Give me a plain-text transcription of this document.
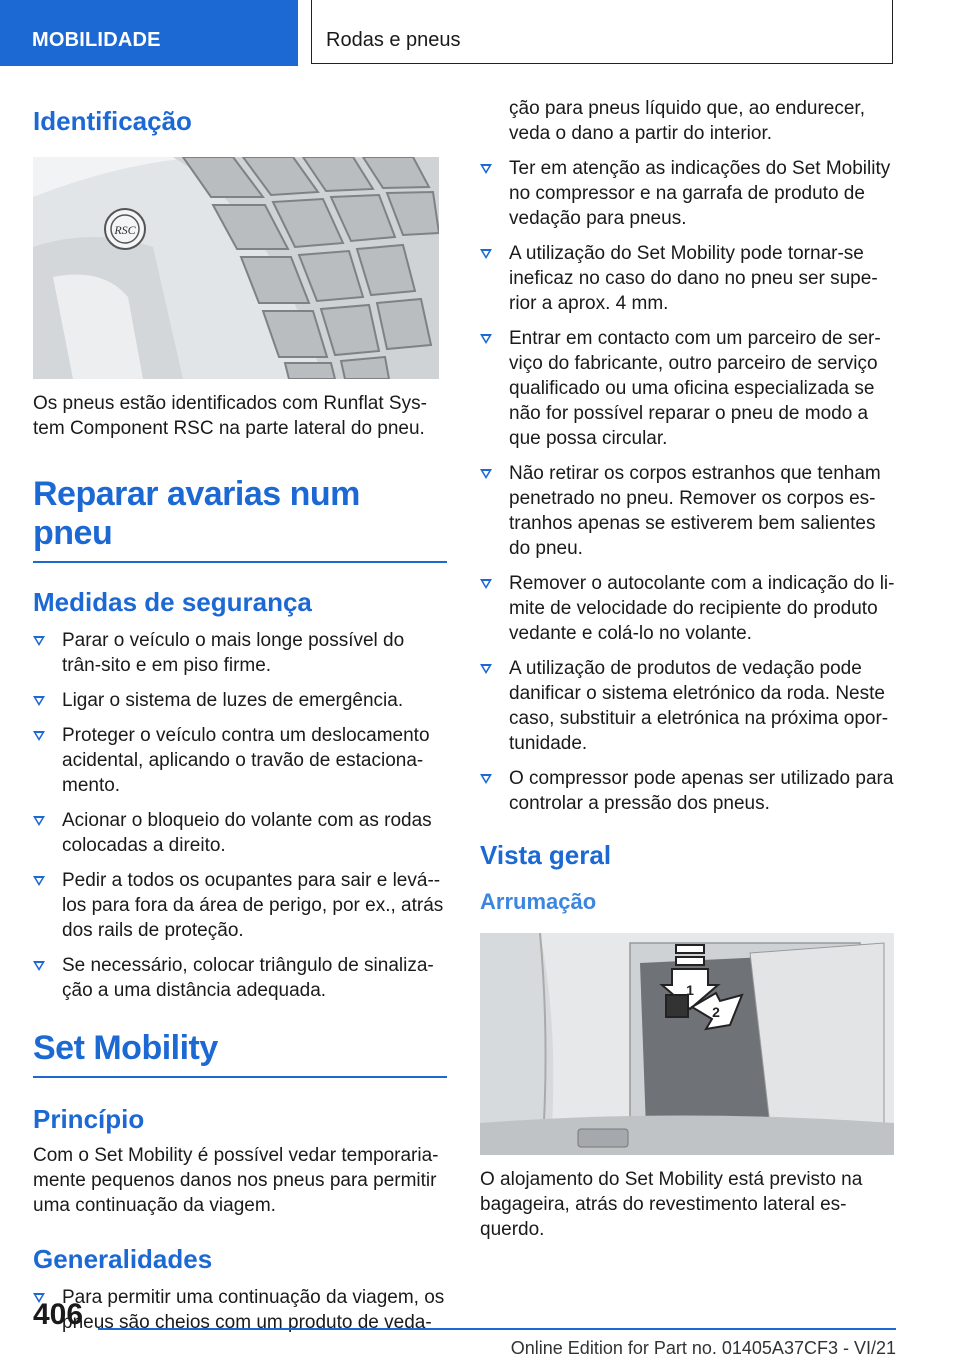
MOBILIDADE	Rodas e pneus
Identificação
RSC

Os pneus estão identificados com Runflat Sys-tem Component RSC na parte lateral do pneu.

Reparar avarias num pneu
Medidas de segurança
Parar o veículo o mais longe possível do trân-sito e em piso firme.
Ligar o sistema de luzes de emergência.
Proteger o veículo contra um deslocamento acidental, aplicando o travão de estaciona-mento.
Acionar o bloqueio do volante com as rodas colocadas a direito.
Pedir a todos os ocupantes para sair e levá--los para fora da área de perigo, por ex., atrás dos rails de proteção.
Se necessário, colocar triângulo de sinaliza-ção a uma distância adequada.
Set Mobility
Princípio

Com o Set Mobility é possível vedar temporaria-mente pequenos danos nos pneus para permitir uma continuação da viagem.

Generalidades
Para permitir uma continuação da viagem, os pneus são cheios com um produto de veda-
ção para pneus líquido que, ao endurecer, veda o dano a partir do interior.
Ter em atenção as indicações do Set Mobility no compressor e na garrafa de produto de vedação para pneus.
A utilização do Set Mobility pode tornar-se ineficaz no caso do dano no pneu ser supe-rior a aprox. 4 mm.
Entrar em contacto com um parceiro de ser-viço do fabricante, outro parceiro de serviço qualificado ou uma oficina especializada se não for possível reparar o pneu de modo a que possa circular.
Não retirar os corpos estranhos que tenham penetrado no pneu. Remover os corpos es-tranhos apenas se estiverem bem salientes do pneu.
Remover o autocolante com a indicação do li-mite de velocidade do recipiente do produto vedante e colá-lo no volante.
A utilização de produtos de vedação pode danificar o sistema eletrónico da roda. Neste caso, substituir a eletrónica na próxima opor-tunidade.
O compressor pode apenas ser utilizado para controlar a pressão dos pneus.
Vista geral
Arrumação
1
2

O alojamento do Set Mobility está previsto na bagageira, atrás do revestimento lateral es-querdo.

406
Online Edition for Part no. 01405A37CF3 - VI/21
